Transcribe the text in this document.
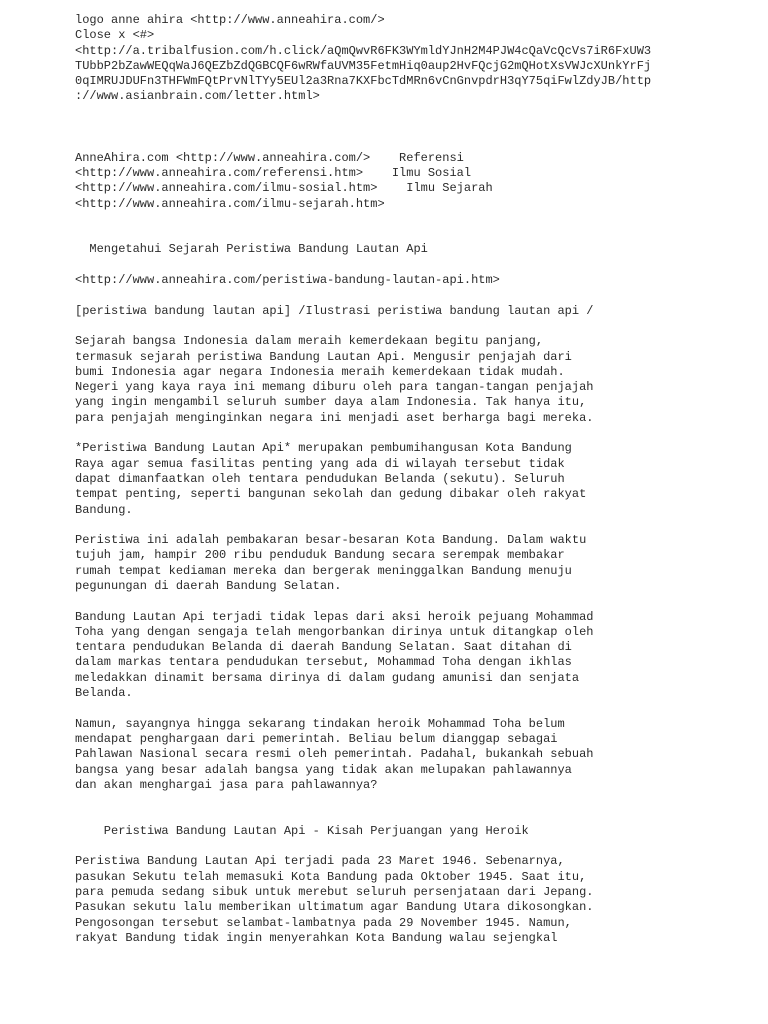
logo anne ahira <http://www.anneahira.com/>
Close x <#>
<http://a.tribalfusion.com/h.click/aQmQwvR6FK3WYmldYJnH2M4PJW4cQaVcQcVs7iR6FxUW3
TUbbP2bZawWEQqWaJ6QEZbZdQGBCQF6wRWfaUVM35FetmHiq0aup2HvFQcjG2mQHotXsVWJcXUnkYrFj
0qIMRUJDUFn3THFWmFQtPrvNlTYy5EUl2a3Rna7KXFbcTdMRn6vCnGnvpdrH3qY75qiFwlZdyJB/http
://www.asianbrain.com/letter.html>
AnneAhira.com <http://www.anneahira.com/>    Referensi
<http://www.anneahira.com/referensi.htm>    Ilmu Sosial
<http://www.anneahira.com/ilmu-sosial.htm>    Ilmu Sejarah
<http://www.anneahira.com/ilmu-sejarah.htm>
Mengetahui Sejarah Peristiwa Bandung Lautan Api
<http://www.anneahira.com/peristiwa-bandung-lautan-api.htm>
[peristiwa bandung lautan api] /Ilustrasi peristiwa bandung lautan api /
Sejarah bangsa Indonesia dalam meraih kemerdekaan begitu panjang,
termasuk sejarah peristiwa Bandung Lautan Api. Mengusir penjajah dari
bumi Indonesia agar negara Indonesia meraih kemerdekaan tidak mudah.
Negeri yang kaya raya ini memang diburu oleh para tangan-tangan penjajah
yang ingin mengambil seluruh sumber daya alam Indonesia. Tak hanya itu,
para penjajah menginginkan negara ini menjadi aset berharga bagi mereka.
*Peristiwa Bandung Lautan Api* merupakan pembumihangusan Kota Bandung
Raya agar semua fasilitas penting yang ada di wilayah tersebut tidak
dapat dimanfaatkan oleh tentara pendudukan Belanda (sekutu). Seluruh
tempat penting, seperti bangunan sekolah dan gedung dibakar oleh rakyat
Bandung.
Peristiwa ini adalah pembakaran besar-besaran Kota Bandung. Dalam waktu
tujuh jam, hampir 200 ribu penduduk Bandung secara serempak membakar
rumah tempat kediaman mereka dan bergerak meninggalkan Bandung menuju
pegunungan di daerah Bandung Selatan.
Bandung Lautan Api terjadi tidak lepas dari aksi heroik pejuang Mohammad
Toha yang dengan sengaja telah mengorbankan dirinya untuk ditangkap oleh
tentara pendudukan Belanda di daerah Bandung Selatan. Saat ditahan di
dalam markas tentara pendudukan tersebut, Mohammad Toha dengan ikhlas
meledakkan dinamit bersama dirinya di dalam gudang amunisi dan senjata
Belanda.
Namun, sayangnya hingga sekarang tindakan heroik Mohammad Toha belum
mendapat penghargaan dari pemerintah. Beliau belum dianggap sebagai
Pahlawan Nasional secara resmi oleh pemerintah. Padahal, bukankah sebuah
bangsa yang besar adalah bangsa yang tidak akan melupakan pahlawannya
dan akan menghargai jasa para pahlawannya?
Peristiwa Bandung Lautan Api - Kisah Perjuangan yang Heroik
Peristiwa Bandung Lautan Api terjadi pada 23 Maret 1946. Sebenarnya,
pasukan Sekutu telah memasuki Kota Bandung pada Oktober 1945. Saat itu,
para pemuda sedang sibuk untuk merebut seluruh persenjataan dari Jepang.
Pasukan sekutu lalu memberikan ultimatum agar Bandung Utara dikosongkan.
Pengosongan tersebut selambat-lambatnya pada 29 November 1945. Namun,
rakyat Bandung tidak ingin menyerahkan Kota Bandung walau sejengkal
